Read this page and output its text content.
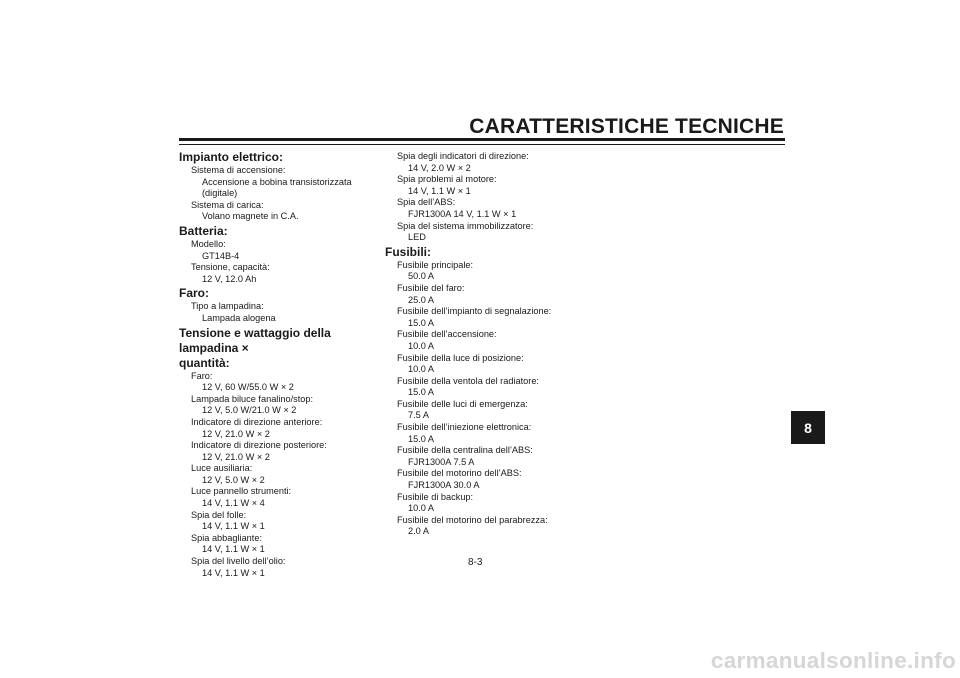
CARATTERISTICHE TECNICHE
Impianto elettrico:
Sistema di accensione:
Accensione a bobina transistorizzata
(digitale)
Sistema di carica:
Volano magnete in C.A.
Batteria:
Modello:
GT14B-4
Tensione, capacità:
12 V, 12.0 Ah
Faro:
Tipo a lampadina:
Lampada alogena
Tensione e wattaggio della lampadina ×
quantità:
Faro:
12 V, 60 W/55.0 W × 2
Lampada biluce fanalino/stop:
12 V, 5.0 W/21.0 W × 2
Indicatore di direzione anteriore:
12 V, 21.0 W × 2
Indicatore di direzione posteriore:
12 V, 21.0 W × 2
Luce ausiliaria:
12 V, 5.0 W × 2
Luce pannello strumenti:
14 V, 1.1 W × 4
Spia del folle:
14 V, 1.1 W × 1
Spia abbagliante:
14 V, 1.1 W × 1
Spia del livello dell’olio:
14 V, 1.1 W × 1
Spia degli indicatori di direzione:
14 V, 2.0 W × 2
Spia problemi al motore:
14 V, 1.1 W × 1
Spia dell’ABS:
FJR1300A 14 V, 1.1 W × 1
Spia del sistema immobilizzatore:
LED
Fusibili:
Fusibile principale:
50.0 A
Fusibile del faro:
25.0 A
Fusibile dell’impianto di segnalazione:
15.0 A
Fusibile dell’accensione:
10.0 A
Fusibile della luce di posizione:
10.0 A
Fusibile della ventola del radiatore:
15.0 A
Fusibile delle luci di emergenza:
7.5 A
Fusibile dell’iniezione elettronica:
15.0 A
Fusibile della centralina dell’ABS:
FJR1300A 7.5 A
Fusibile del motorino dell’ABS:
FJR1300A 30.0 A
Fusibile di backup:
10.0 A
Fusibile del motorino del parabrezza:
2.0 A
8
8-3
carmanualsonline.info
